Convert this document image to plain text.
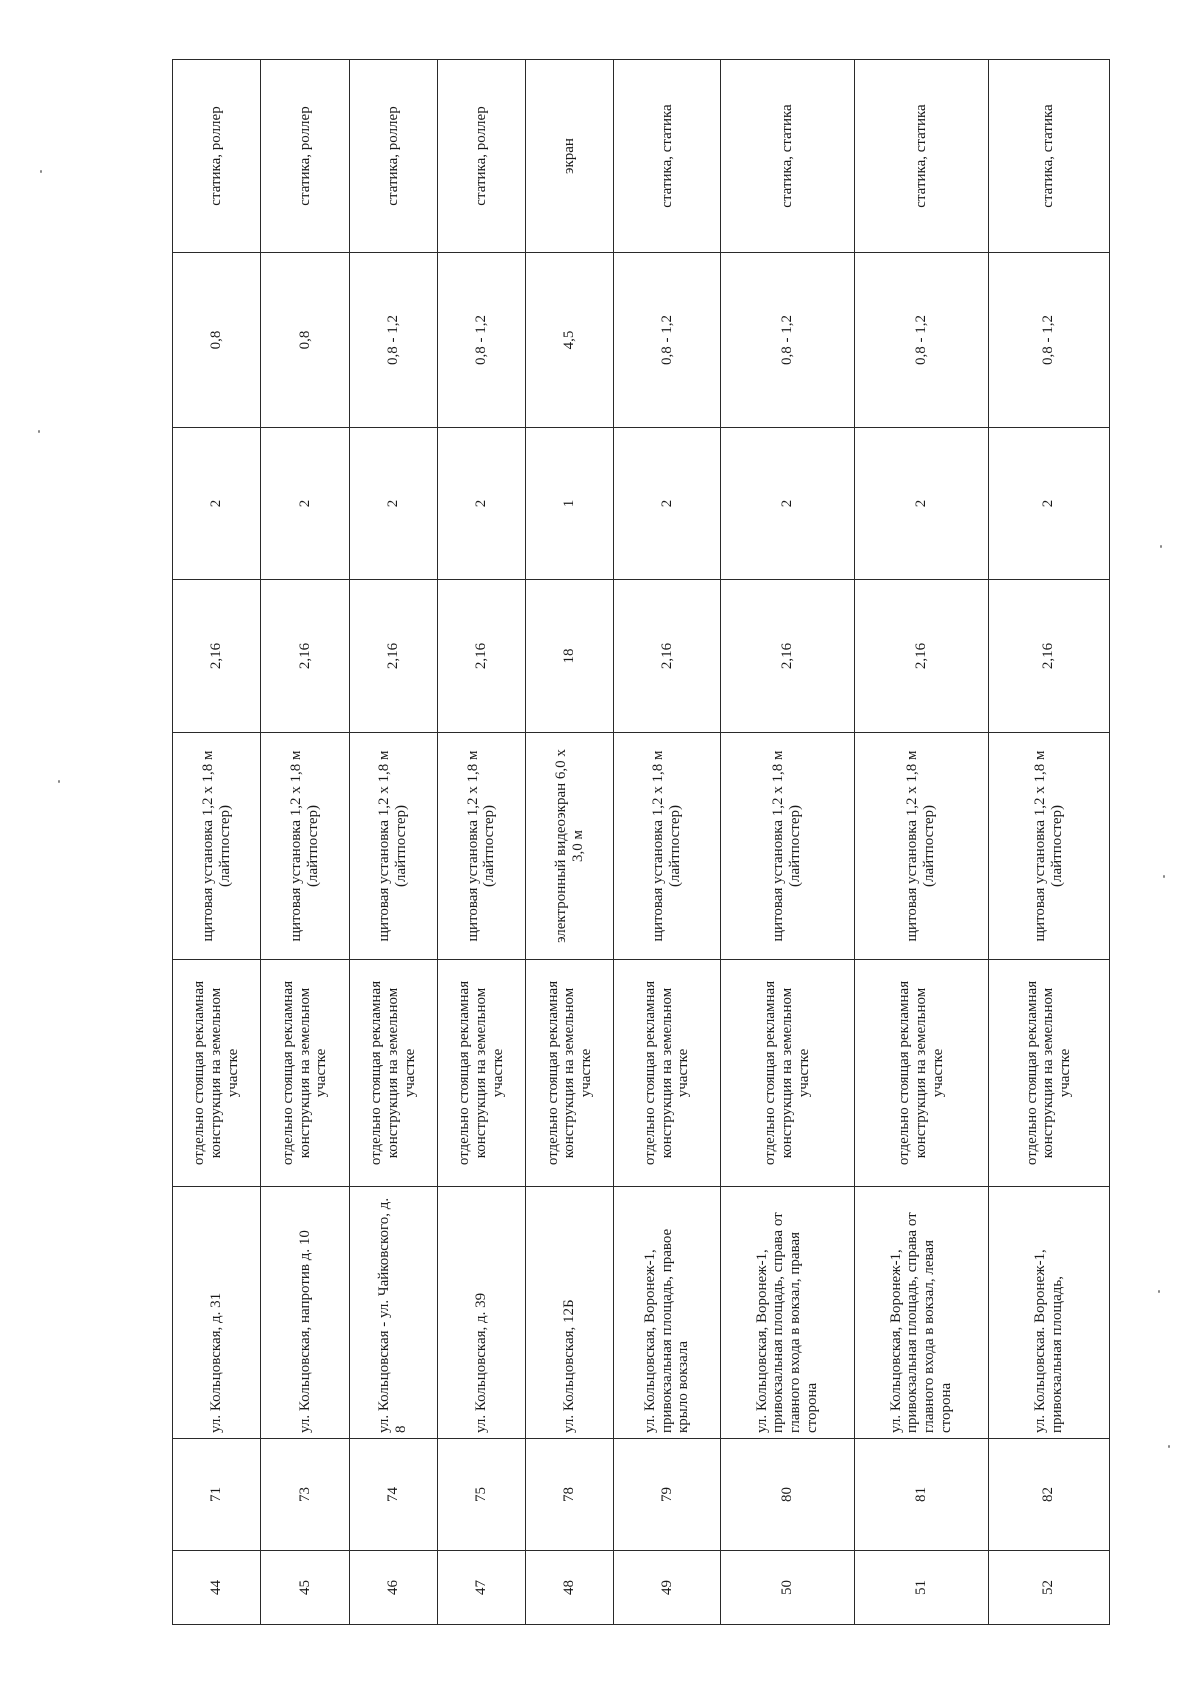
44	71	ул. Кольцовская, д. 31	отдельно стоящая рекламная конструкция на земельном участке	щитовая установка 1,2 х 1,8 м (лайтпостер)	2,16	2	0,8	статика, роллер
45	73	ул. Кольцовская, напротив д. 10	отдельно стоящая рекламная конструкция на земельном участке	щитовая установка 1,2 х 1,8 м (лайтпостер)	2,16	2	0,8	статика, роллер
46	74	ул. Кольцовская - ул. Чайковского, д. 8	отдельно стоящая рекламная конструкция на земельном участке	щитовая установка 1,2 х 1,8 м (лайтпостер)	2,16	2	0,8 - 1,2	статика, роллер
47	75	ул. Кольцовская, д. 39	отдельно стоящая рекламная конструкция на земельном участке	щитовая установка 1,2 х 1,8 м (лайтпостер)	2,16	2	0,8 - 1,2	статика, роллер
48	78	ул. Кольцовская, 12Б	отдельно стоящая рекламная конструкция на земельном участке	электронный видеоэкран 6,0 х 3,0 м	18	1	4,5	экран
49	79	ул. Кольцовская, Воронеж-1, привокзальная площадь, правое крыло вокзала	отдельно стоящая рекламная конструкция на земельном участке	щитовая установка 1,2 х 1,8 м (лайтпостер)	2,16	2	0,8 - 1,2	статика, статика
50	80	ул. Кольцовская, Воронеж-1, привокзальная площадь, справа от главного входа в вокзал, правая сторона	отдельно стоящая рекламная конструкция на земельном участке	щитовая установка 1,2 х 1,8 м (лайтпостер)	2,16	2	0,8 - 1,2	статика, статика
51	81	ул. Кольцовская, Воронеж-1, привокзальная площадь, справа от главного входа в вокзал, левая сторона	отдельно стоящая рекламная конструкция на земельном участке	щитовая установка 1,2 х 1,8 м (лайтпостер)	2,16	2	0,8 - 1,2	статика, статика
52	82	ул. Кольцовская. Воронеж-1, привокзальная площадь,	отдельно стоящая рекламная конструкция на земельном участке	щитовая установка 1,2 х 1,8 м (лайтпостер)	2,16	2	0,8 - 1,2	статика, статика
